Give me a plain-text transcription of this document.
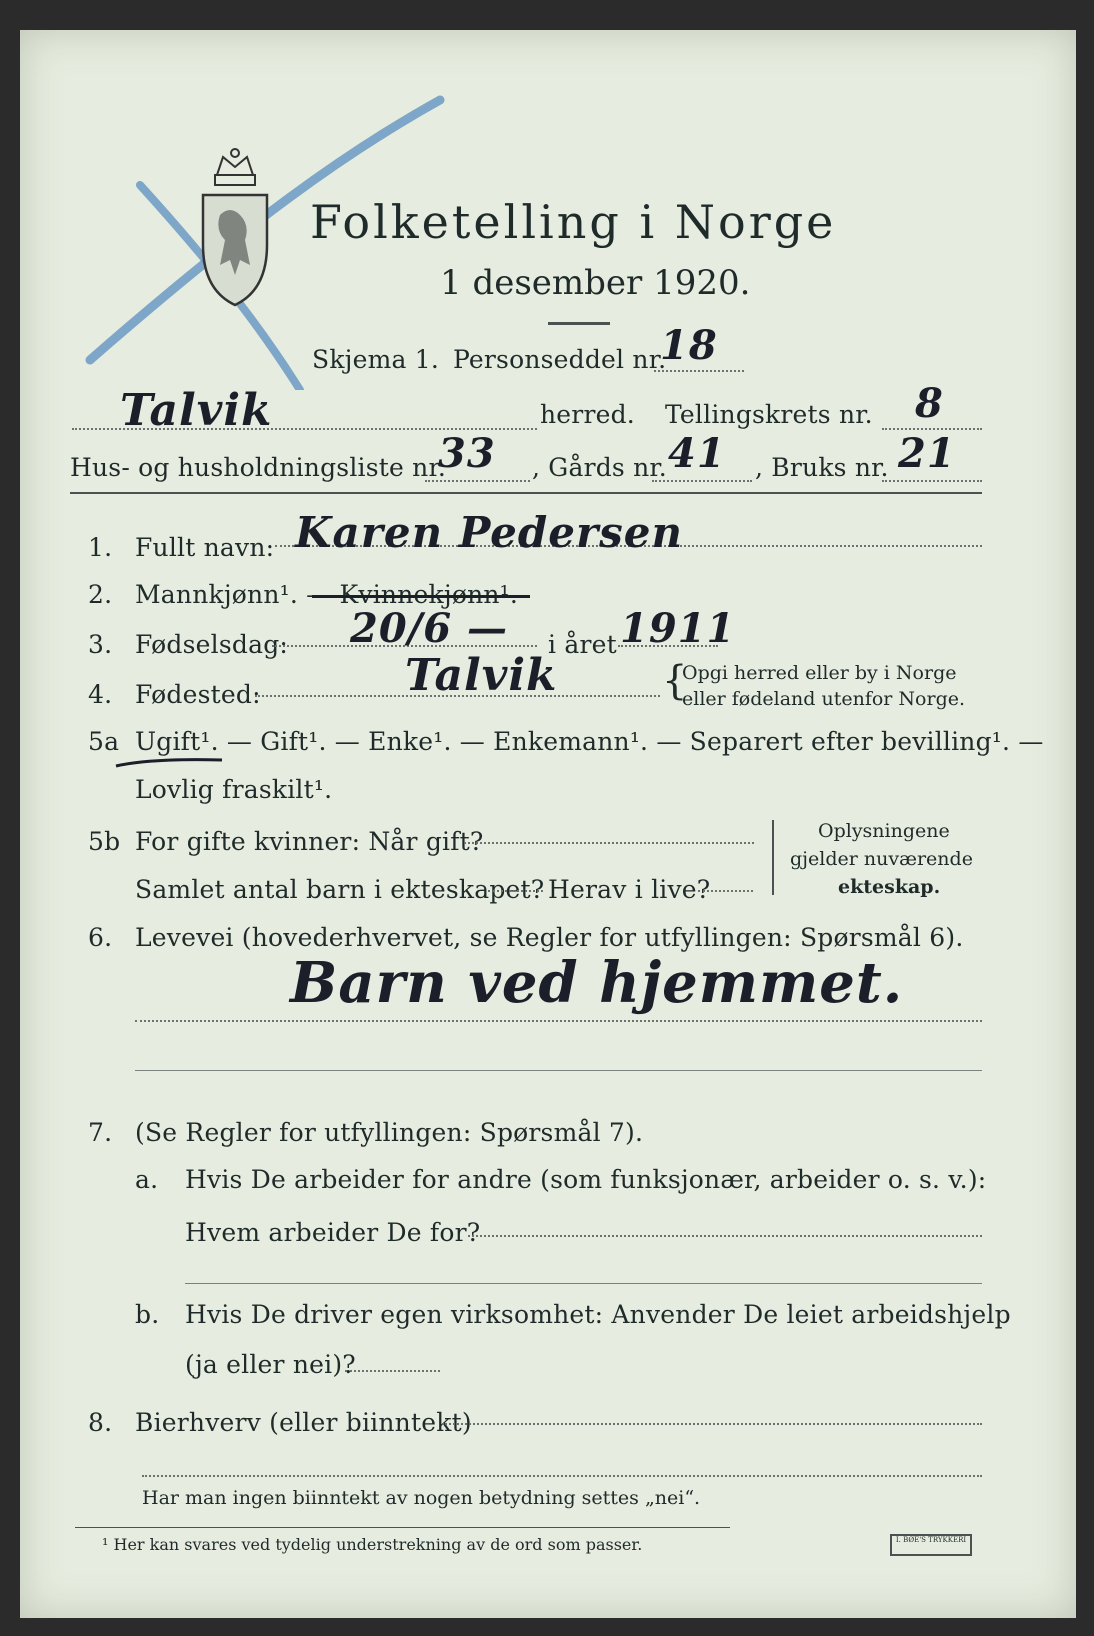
Folketelling i Norge
1 desember 1920.
Skjema 1. Personseddel nr.
18
Talvik	herred. Tellingskrets nr. 8
Hus- og husholdningsliste nr.
33 , Gårds nr. 41 , Bruks nr. 21
1. Fullt navn: Karen Pedersen
2. Mannkjønn¹. — Kvinnekjønn¹.
3. Fødselsdag: 20/6 — i året 1911
4. Fødested:	Talvik	{
Opgi herred eller by i Norge
eller fødeland utenfor Norge.
5a Ugift¹. — Gift¹. — Enke¹. — Enkemann¹. — Separert efter bevilling¹. —
Lovlig fraskilt¹.
5b For gifte kvinner: Når gift?
Samlet antal barn i ekteskapet? Herav i live?
Oplysningene
gjelder nuværende
ekteskap.
6. Levevei (hovederhvervet, se Regler for utfyllingen: Spørsmål 6).
Barn ved hjemmet.
7. (Se Regler for utfyllingen: Spørsmål 7).
a. Hvis De arbeider for andre (som funksjonær, arbeider o. s. v.):
Hvem arbeider De for?
b. Hvis De driver egen virksomhet: Anvender De leiet arbeidshjelp
(ja eller nei)?
8. Bierhverv (eller biinntekt)
Har man ingen biinntekt av nogen betydning settes „nei“.
¹ Her kan svares ved tydelig understrekning av de ord som passer.	I. BØE'S TRYKKERI
